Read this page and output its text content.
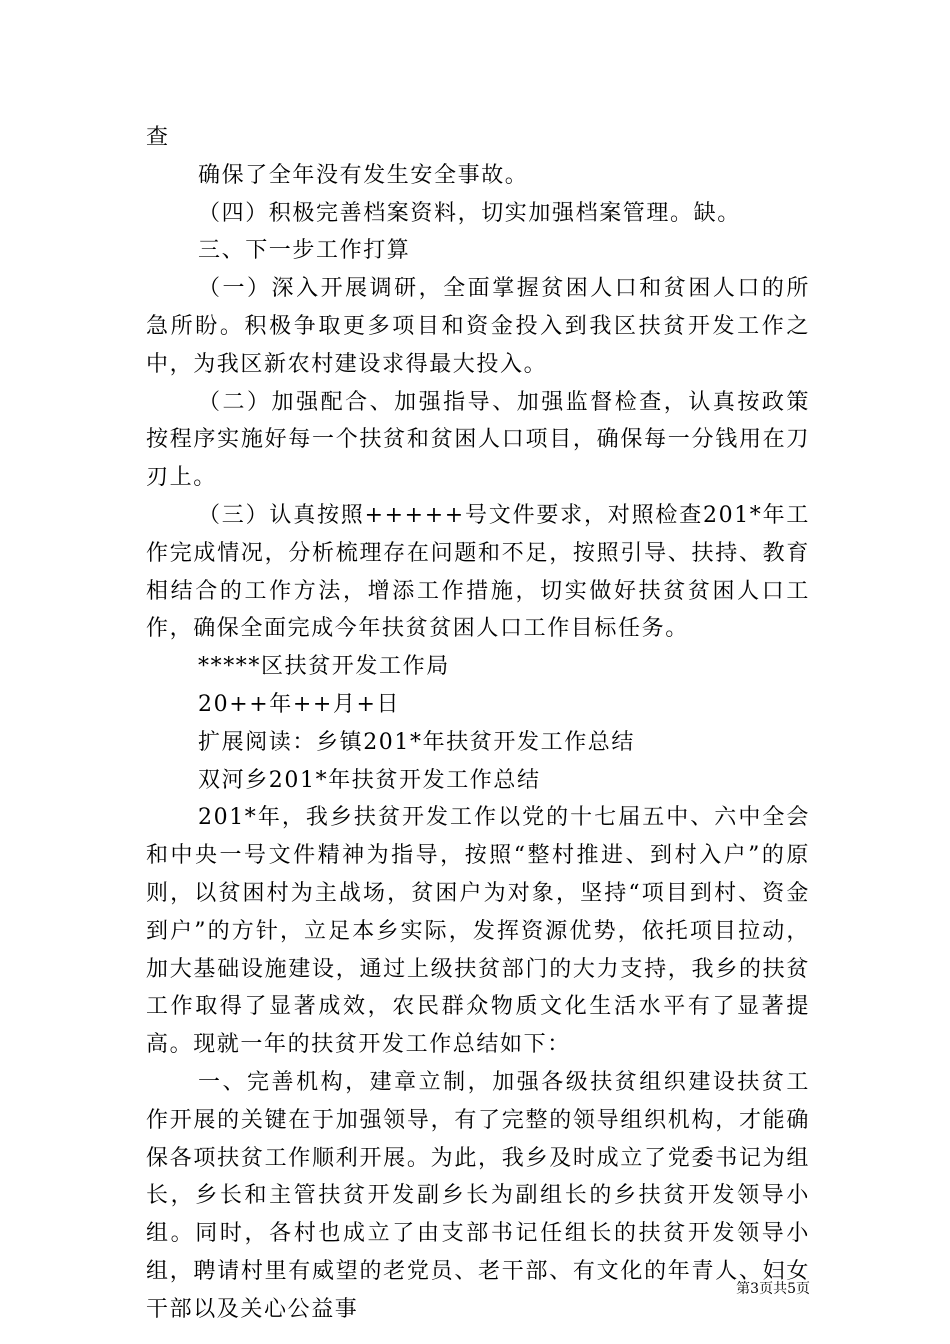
查

确保了全年没有发生安全事故。

（四）积极完善档案资料，切实加强档案管理。缺。

三、下一步工作打算

（一）深入开展调研，全面掌握贫困人口和贫困人口的所急所盼。积极争取更多项目和资金投入到我区扶贫开发工作之中，为我区新农村建设求得最大投入。

（二）加强配合、加强指导、加强监督检查，认真按政策按程序实施好每一个扶贫和贫困人口项目，确保每一分钱用在刀刃上。

（三）认真按照+++++号文件要求，对照检查201*年工作完成情况，分析梳理存在问题和不足，按照引导、扶持、教育相结合的工作方法，增添工作措施，切实做好扶贫贫困人口工作，确保全面完成今年扶贫贫困人口工作目标任务。

*****区扶贫开发工作局

20++年++月+日

扩展阅读：乡镇201*年扶贫开发工作总结

双河乡201*年扶贫开发工作总结

201*年，我乡扶贫开发工作以党的十七届五中、六中全会和中央一号文件精神为指导，按照“整村推进、到村入户”的原则，以贫困村为主战场，贫困户为对象，坚持“项目到村、资金到户”的方针，立足本乡实际，发挥资源优势，依托项目拉动，加大基础设施建设，通过上级扶贫部门的大力支持，我乡的扶贫工作取得了显著成效，农民群众物质文化生活水平有了显著提高。现就一年的扶贫开发工作总结如下：

一、完善机构，建章立制，加强各级扶贫组织建设扶贫工作开展的关键在于加强领导，有了完整的领导组织机构，才能确保各项扶贫工作顺利开展。为此，我乡及时成立了党委书记为组长，乡长和主管扶贫开发副乡长为副组长的乡扶贫开发领导小组。同时，各村也成立了由支部书记任组长的扶贫开发领导小组，聘请村里有威望的老党员、老干部、有文化的年青人、妇女干部以及关心公益事

第3页共5页
